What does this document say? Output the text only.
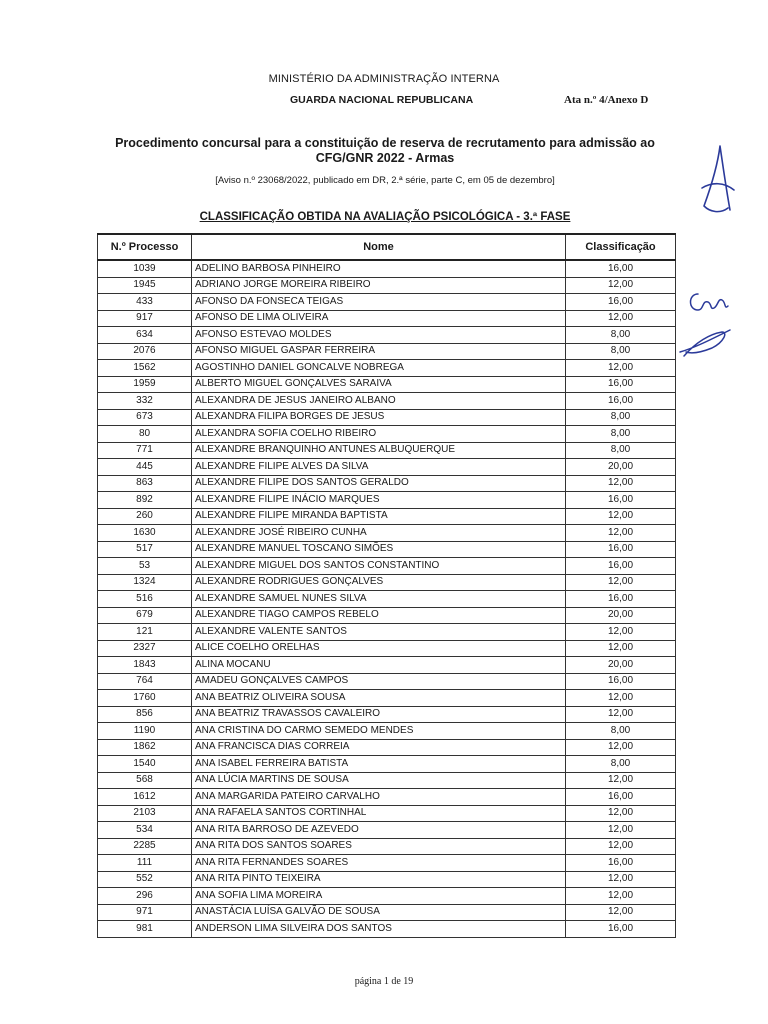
MINISTÉRIO DA ADMINISTRAÇÃO INTERNA
GUARDA NACIONAL REPUBLICANA	Ata n.º 4/Anexo D
Procedimento concursal para a constituição de reserva de recrutamento para admissão ao
CFG/GNR 2022 - Armas
[Aviso n.º 23068/2022, publicado em DR, 2.ª série, parte C, em 05 de dezembro]
CLASSIFICAÇÃO OBTIDA NA AVALIAÇÃO PSICOLÓGICA - 3.ª FASE
N.º Processo	Nome	Classificação
1039	ADELINO BARBOSA PINHEIRO	16,00
1945	ADRIANO JORGE MOREIRA RIBEIRO	12,00
433	AFONSO DA FONSECA TEIGAS	16,00
917	AFONSO DE LIMA OLIVEIRA	12,00
634	AFONSO ESTEVAO MOLDES	8,00
2076	AFONSO MIGUEL GASPAR FERREIRA	8,00
1562	AGOSTINHO DANIEL GONCALVE NOBREGA	12,00
1959	ALBERTO MIGUEL GONÇALVES SARAIVA	16,00
332	ALEXANDRA DE JESUS JANEIRO ALBANO	16,00
673	ALEXANDRA FILIPA BORGES DE JESUS	8,00
80	ALEXANDRA SOFIA COELHO RIBEIRO	8,00
771	ALEXANDRE BRANQUINHO ANTUNES ALBUQUERQUE	8,00
445	ALEXANDRE FILIPE ALVES DA SILVA	20,00
863	ALEXANDRE FILIPE DOS SANTOS GERALDO	12,00
892	ALEXANDRE FILIPE INÁCIO MARQUES	16,00
260	ALEXANDRE FILIPE MIRANDA BAPTISTA	12,00
1630	ALEXANDRE JOSÉ RIBEIRO CUNHA	12,00
517	ALEXANDRE MANUEL TOSCANO SIMÕES	16,00
53	ALEXANDRE MIGUEL DOS SANTOS CONSTANTINO	16,00
1324	ALEXANDRE RODRIGUES GONÇALVES	12,00
516	ALEXANDRE SAMUEL NUNES SILVA	16,00
679	ALEXANDRE TIAGO CAMPOS REBELO	20,00
121	ALEXANDRE VALENTE SANTOS	12,00
2327	ALICE COELHO ORELHAS	12,00
1843	ALINA MOCANU	20,00
764	AMADEU GONÇALVES CAMPOS	16,00
1760	ANA BEATRIZ OLIVEIRA SOUSA	12,00
856	ANA BEATRIZ TRAVASSOS CAVALEIRO	12,00
1190	ANA CRISTINA DO CARMO SEMEDO MENDES	8,00
1862	ANA FRANCISCA DIAS CORREIA	12,00
1540	ANA ISABEL FERREIRA BATISTA	8,00
568	ANA LÚCIA MARTINS DE SOUSA	12,00
1612	ANA MARGARIDA PATEIRO CARVALHO	16,00
2103	ANA RAFAELA SANTOS CORTINHAL	12,00
534	ANA RITA BARROSO DE AZEVEDO	12,00
2285	ANA RITA DOS SANTOS SOARES	12,00
111	ANA RITA FERNANDES SOARES	16,00
552	ANA RITA PINTO TEIXEIRA	12,00
296	ANA SOFIA LIMA MOREIRA	12,00
971	ANASTÁCIA LUÍSA GALVÃO DE SOUSA	12,00
981	ANDERSON LIMA SILVEIRA DOS SANTOS	16,00
página 1 de 19
